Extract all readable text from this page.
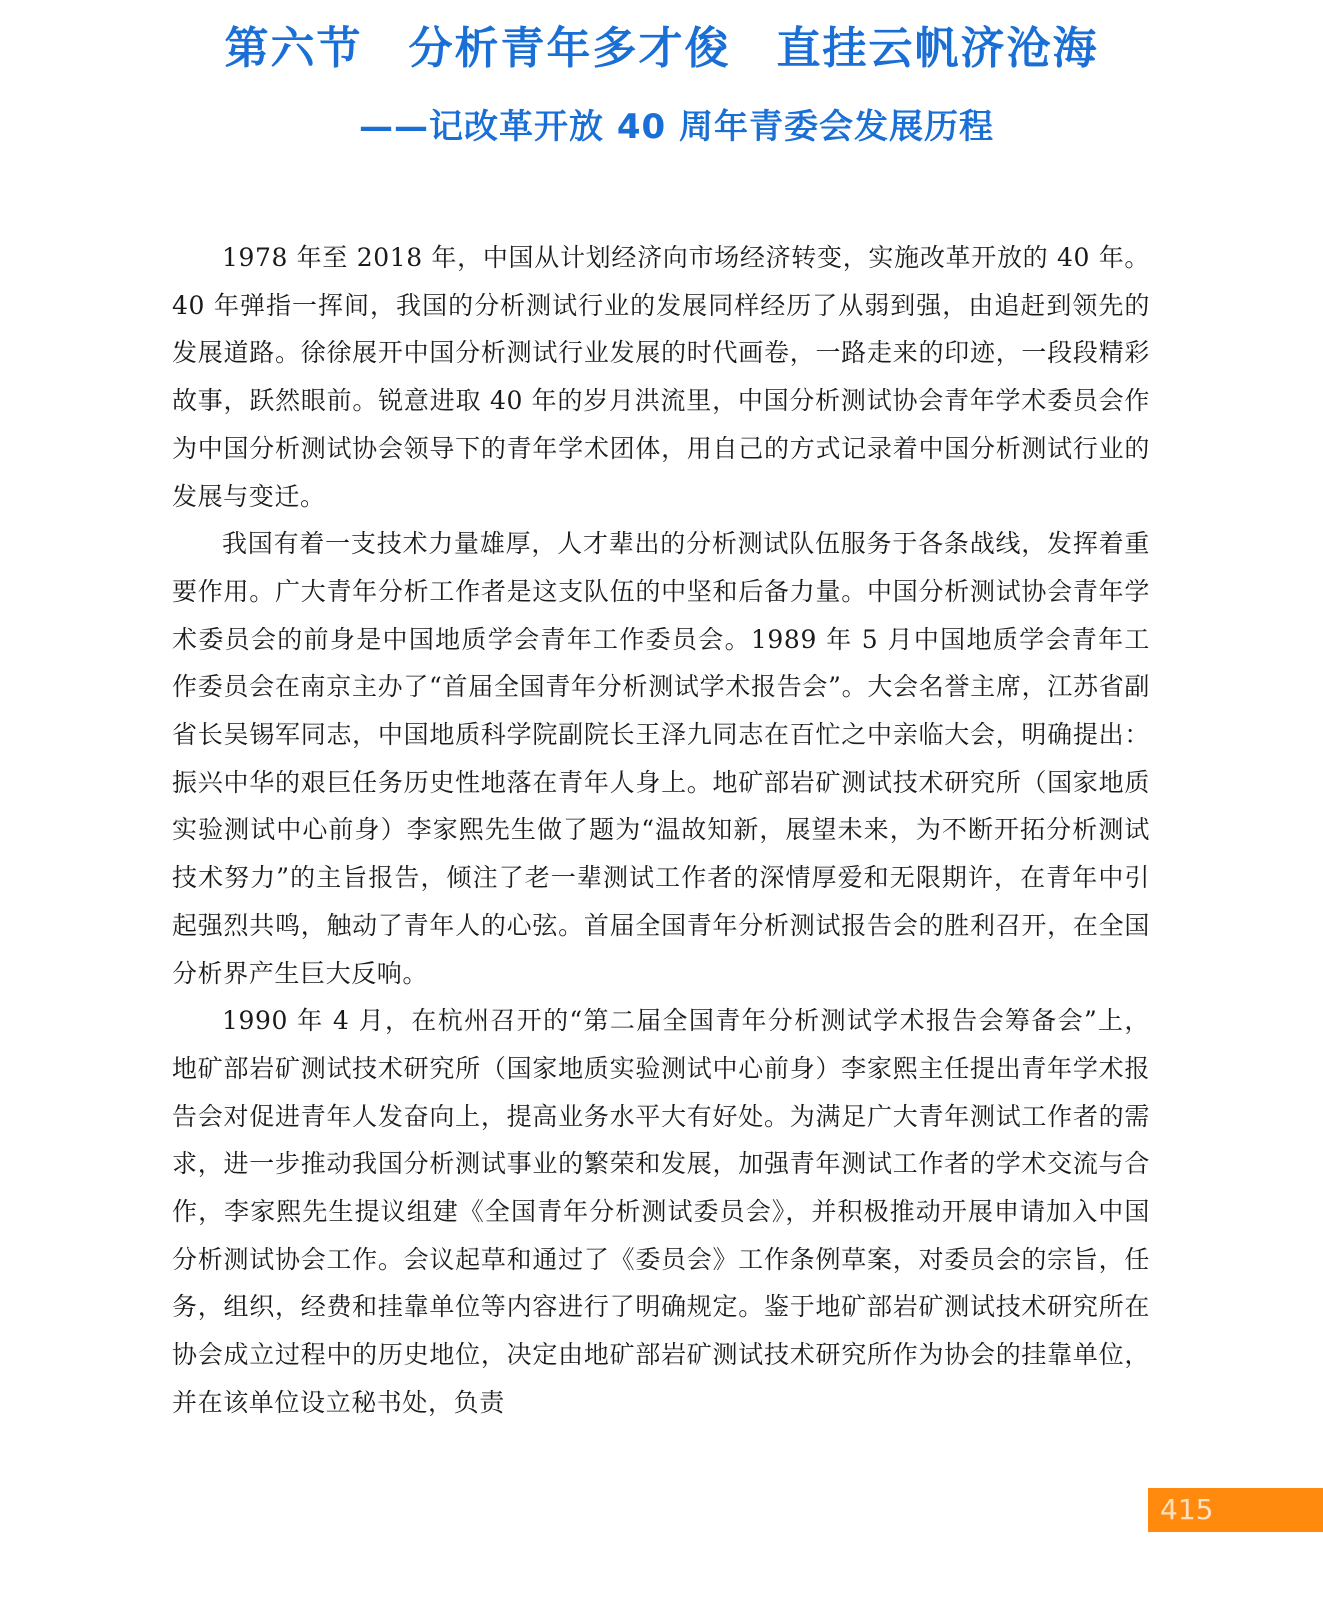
第六节　分析青年多才俊　直挂云帆济沧海
——记改革开放 40 周年青委会发展历程

1978 年至 2018 年，中国从计划经济向市场经济转变，实施改革开放的 40 年。40 年弹指一挥间，我国的分析测试行业的发展同样经历了从弱到强，由追赶到领先的发展道路。徐徐展开中国分析测试行业发展的时代画卷，一路走来的印迹，一段段精彩故事，跃然眼前。锐意进取 40 年的岁月洪流里，中国分析测试协会青年学术委员会作为中国分析测试协会领导下的青年学术团体，用自己的方式记录着中国分析测试行业的发展与变迁。

我国有着一支技术力量雄厚，人才辈出的分析测试队伍服务于各条战线，发挥着重要作用。广大青年分析工作者是这支队伍的中坚和后备力量。中国分析测试协会青年学术委员会的前身是中国地质学会青年工作委员会。1989 年 5 月中国地质学会青年工作委员会在南京主办了“首届全国青年分析测试学术报告会”。大会名誉主席，江苏省副省长吴锡军同志，中国地质科学院副院长王泽九同志在百忙之中亲临大会，明确提出：振兴中华的艰巨任务历史性地落在青年人身上。地矿部岩矿测试技术研究所（国家地质实验测试中心前身）李家熙先生做了题为“温故知新，展望未来，为不断开拓分析测试技术努力”的主旨报告，倾注了老一辈测试工作者的深情厚爱和无限期许，在青年中引起强烈共鸣，触动了青年人的心弦。首届全国青年分析测试报告会的胜利召开，在全国分析界产生巨大反响。

1990 年 4 月，在杭州召开的“第二届全国青年分析测试学术报告会筹备会”上，地矿部岩矿测试技术研究所（国家地质实验测试中心前身）李家熙主任提出青年学术报告会对促进青年人发奋向上，提高业务水平大有好处。为满足广大青年测试工作者的需求，进一步推动我国分析测试事业的繁荣和发展，加强青年测试工作者的学术交流与合作，李家熙先生提议组建《全国青年分析测试委员会》，并积极推动开展申请加入中国分析测试协会工作。会议起草和通过了《委员会》工作条例草案，对委员会的宗旨，任务，组织，经费和挂靠单位等内容进行了明确规定。鉴于地矿部岩矿测试技术研究所在协会成立过程中的历史地位，决定由地矿部岩矿测试技术研究所作为协会的挂靠单位，并在该单位设立秘书处，负责

415
